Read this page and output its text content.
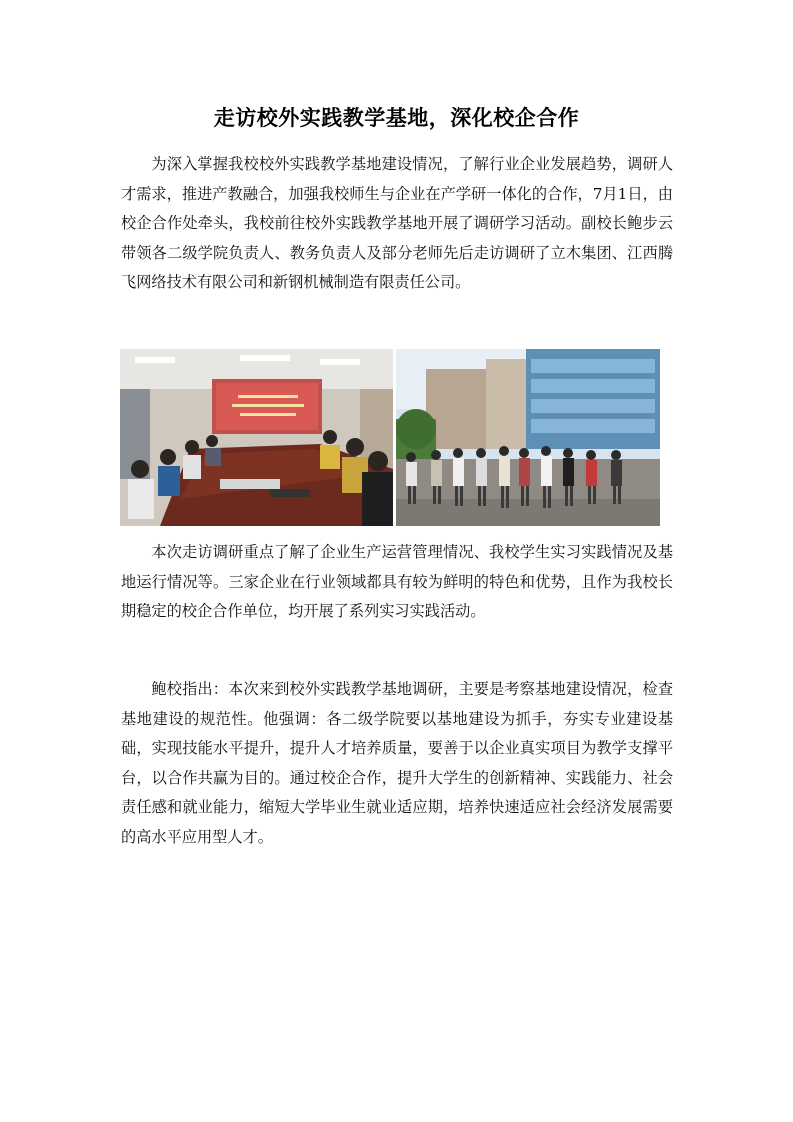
走访校外实践教学基地，深化校企合作

为深入掌握我校校外实践教学基地建设情况，了解行业企业发展趋势，调研人才需求，推进产教融合，加强我校师生与企业在产学研一体化的合作，7月1日，由校企合作处牵头，我校前往校外实践教学基地开展了调研学习活动。副校长鲍步云带领各二级学院负责人、教务负责人及部分老师先后走访调研了立木集团、江西腾飞网络技术有限公司和新钢机械制造有限责任公司。

本次走访调研重点了解了企业生产运营管理情况、我校学生实习实践情况及基地运行情况等。三家企业在行业领域都具有较为鲜明的特色和优势，且作为我校长期稳定的校企合作单位，均开展了系列实习实践活动。

鲍校指出：本次来到校外实践教学基地调研，主要是考察基地建设情况，检查基地建设的规范性。他强调：各二级学院要以基地建设为抓手，夯实专业建设基础，实现技能水平提升，提升人才培养质量，要善于以企业真实项目为教学支撑平台，以合作共赢为目的。通过校企合作，提升大学生的创新精神、实践能力、社会责任感和就业能力，缩短大学毕业生就业适应期，培养快速适应社会经济发展需要的高水平应用型人才。
